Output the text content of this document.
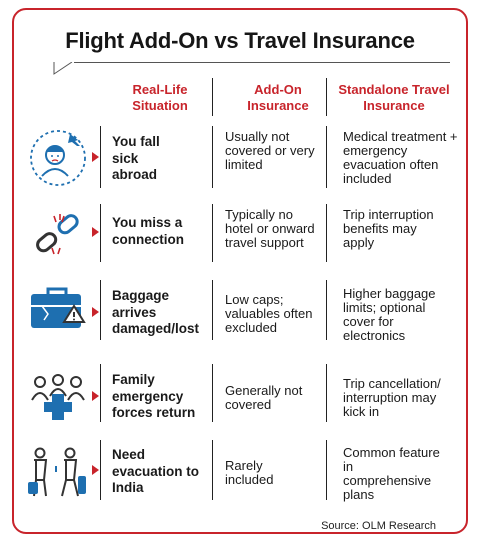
Flight Add-On vs Travel Insurance
Real-Life Situation
Add-On Insurance
Standalone Travel Insurance
You fall sick abroad
Usually not covered or very limited
Medical treatment + emergency evacuation often included
You miss a connection
Typically no hotel or onward travel support
Trip interruption benefits may apply
Baggage arrives damaged/lost
Low caps; valuables often excluded
Higher baggage limits; optional cover for electronics
Family emergency forces return
Generally not covered
Trip cancellation/ interruption may kick in
Need evacuation to India
Rarely included
Common feature in comprehensive plans
Source: OLM Research
